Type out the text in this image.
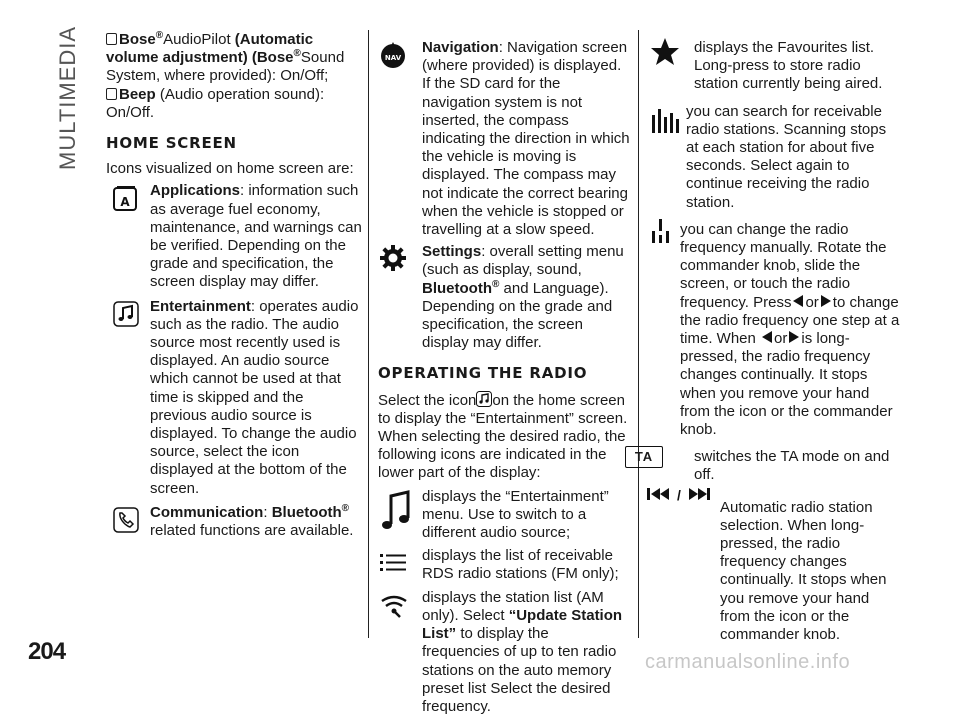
MULTIMEDIA	Bose®AudioPilot (Automatic volume adjustment) (Bose®Sound System, where provided): On/Off;

Beep (Audio operation sound): On/Off.

HOME SCREEN

Icons visualized on home screen are:

A
Applications: information such as average fuel economy, maintenance, and warnings can be verified. Depending on the grade and specification, the screen display may differ.
Entertainment: operates audio such as the radio. The audio source most recently used is displayed. An audio source which cannot be used at that time is skipped and the previous audio source is displayed. To change the audio source, select the icon displayed at the bottom of the screen.
Communication: Bluetooth®
related functions are available.
NAV
Navigation: Navigation screen (where provided) is displayed. If the SD card for the navigation system is not inserted, the compass indicating the direction in which the vehicle is moving is displayed. The compass may not indicate the correct bearing when the vehicle is stopped or travelling at a slow speed.
Settings: overall setting menu (such as display, sound,
Bluetooth® and Language). Depending on the grade and specification, the screen display may differ.
OPERATING THE RADIO

Select the icon on the home screen to display the “Entertainment” screen. When selecting the desired radio, the following icons are indicated in the lower part of the display:

displays the “Entertainment” menu. Use to switch to a different audio source;
displays the list of receivable RDS radio stations (FM only);
displays the station list (AM only). Select “Update Station List” to display the frequencies of up to ten radio stations on the auto memory preset list Select the desired frequency.
displays the Favourites list. Long-press to store radio station currently being aired.
you can search for receivable radio stations. Scanning stops at each station for about five seconds. Select again to continue receiving the radio station.
you can change the radio frequency manually. Rotate the commander knob, slide the screen, or touch the radio frequency. Press or to change the radio frequency one step at a time. When or is long-pressed, the radio frequency changes continually. It stops when you remove your hand from the icon or the commander knob.
TA	switches the TA mode on and off.
/
Automatic radio station selection. When long-pressed, the radio frequency changes continually. It stops when you remove your hand from the icon or the commander knob.
204	carmanualsonline.info
